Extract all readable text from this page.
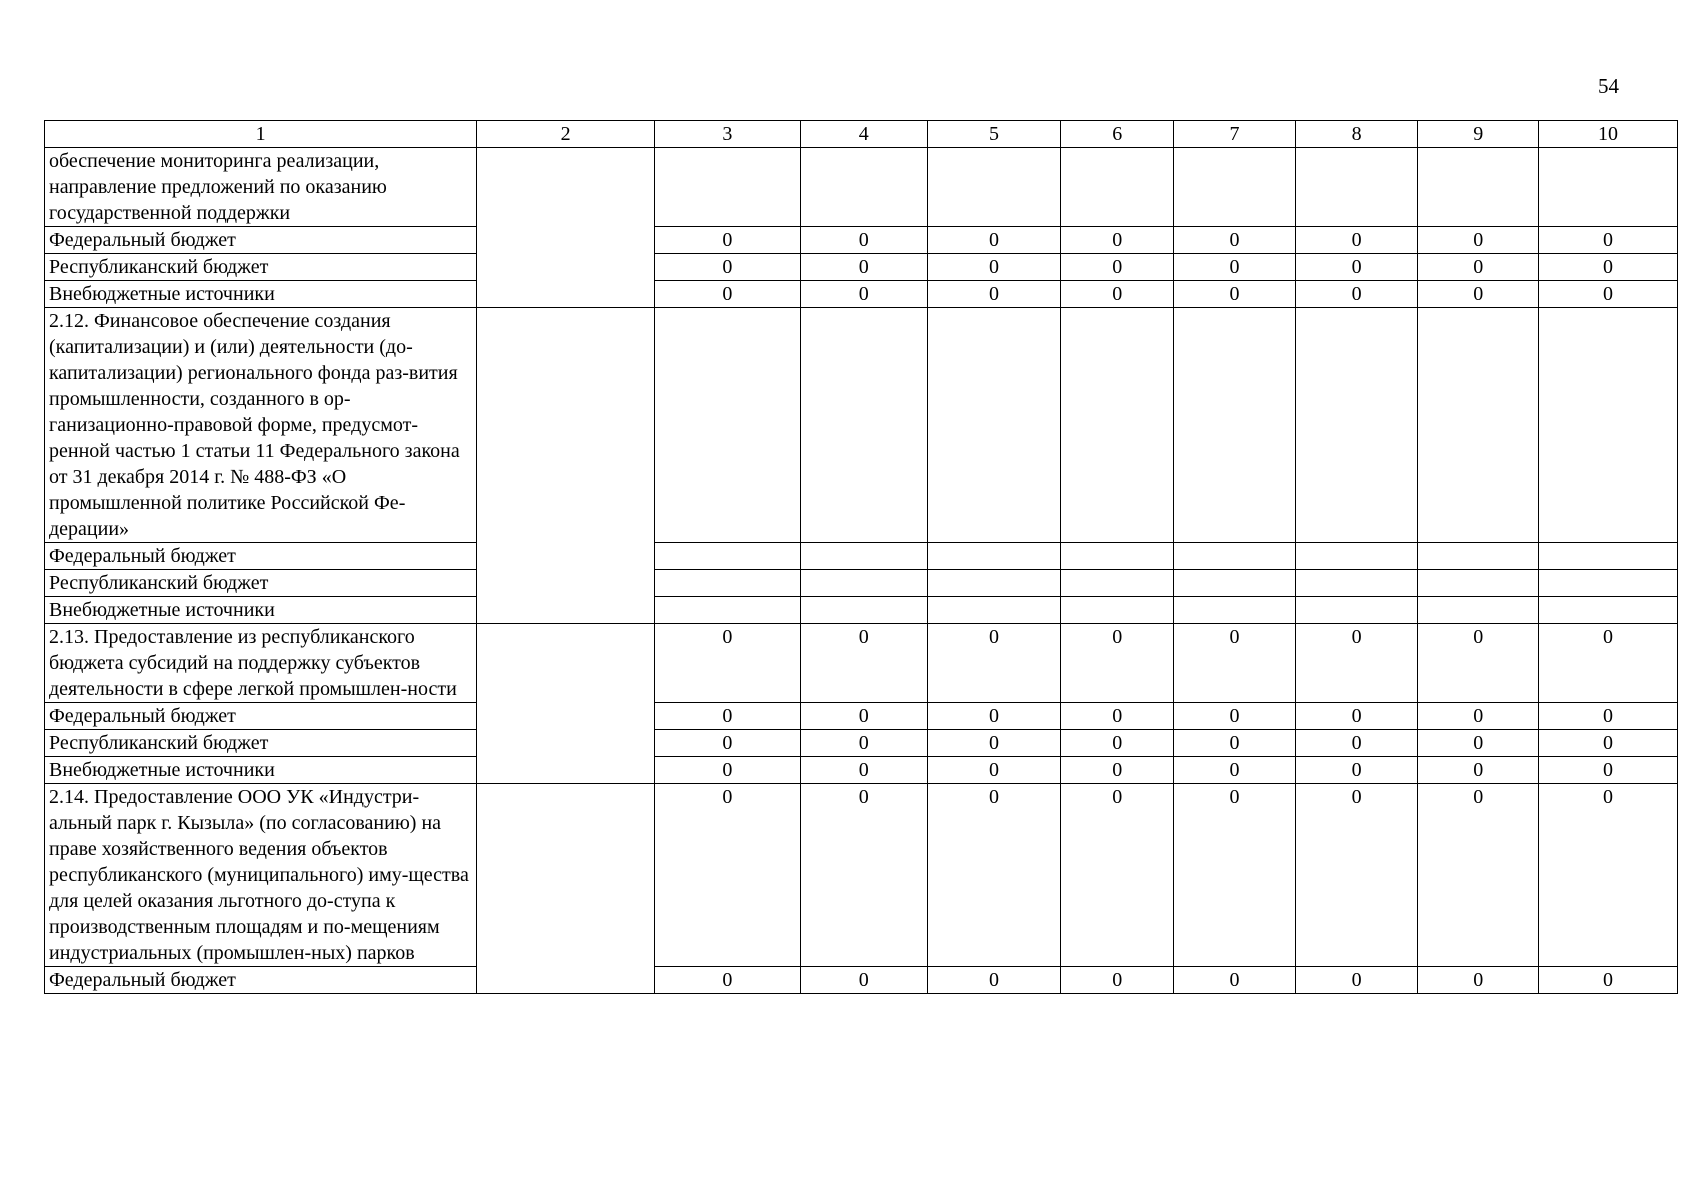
54
1	2	3	4	5	6	7	8	9	10
обеспечение мониторинга реализации, направление предложений по оказанию государственной поддержки									
Федеральный бюджет		0	0	0	0	0	0	0	0
Республиканский бюджет		0	0	0	0	0	0	0	0
Внебюджетные источники		0	0	0	0	0	0	0	0
2.12. Финансовое обеспечение создания (капитализации) и (или) деятельности (до-капитализации) регионального фонда раз-вития промышленности, созданного в ор-ганизационно-правовой форме, предусмот-ренной частью 1 статьи 11 Федерального закона от 31 декабря 2014 г. № 488-ФЗ «О промышленной политике Российской Фе-дерации»									
Федеральный бюджет									
Республиканский бюджет									
Внебюджетные источники									
2.13. Предоставление из республиканского бюджета субсидий на поддержку субъектов деятельности в сфере легкой промышлен-ности		0	0	0	0	0	0	0	0
Федеральный бюджет		0	0	0	0	0	0	0	0
Республиканский бюджет		0	0	0	0	0	0	0	0
Внебюджетные источники		0	0	0	0	0	0	0	0
2.14. Предоставление ООО УК «Индустри-альный парк г. Кызыла» (по согласованию) на праве хозяйственного ведения объектов республиканского (муниципального) иму-щества для целей оказания льготного до-ступа к производственным площадям и по-мещениям индустриальных (промышлен-ных) парков		0	0	0	0	0	0	0	0
Федеральный бюджет		0	0	0	0	0	0	0	0
